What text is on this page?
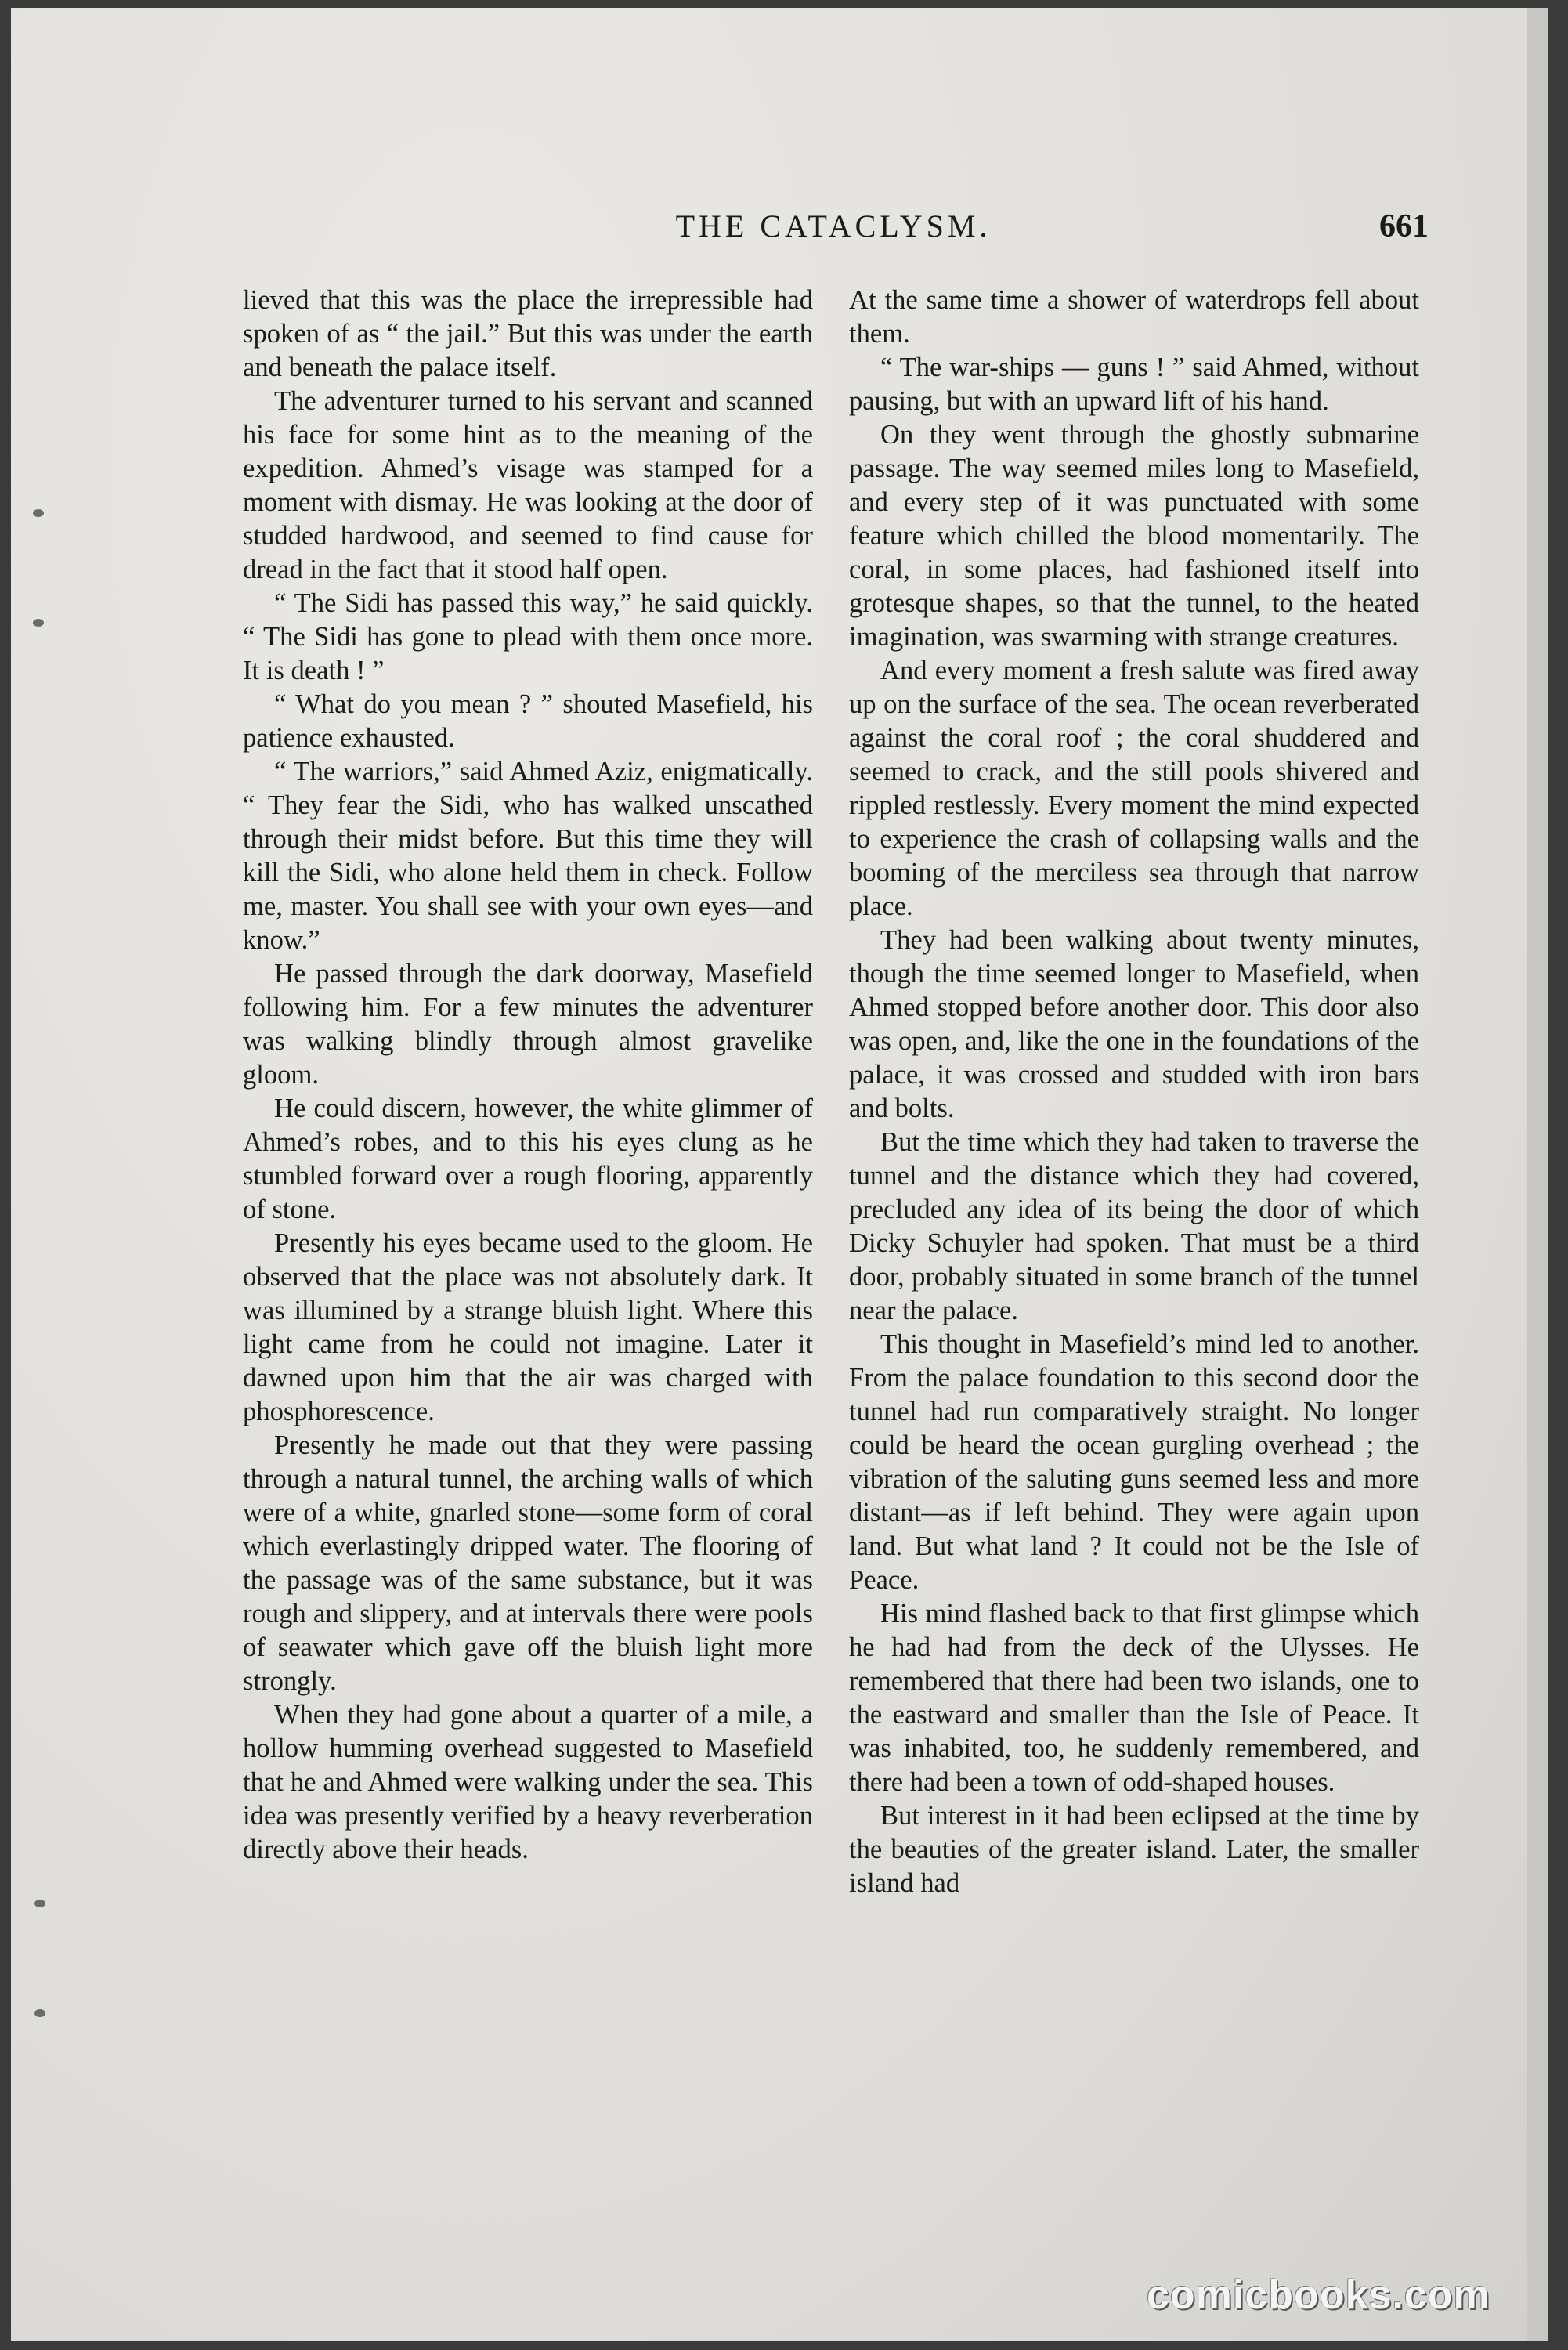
THE CATACLYSM.	661

lieved that this was the place the irrepressible had spoken of as “ the jail.” But this was under the earth and beneath the palace itself.

The adventurer turned to his servant and scanned his face for some hint as to the meaning of the expedition. Ahmed’s visage was stamped for a moment with dismay. He was looking at the door of studded hardwood, and seemed to find cause for dread in the fact that it stood half open.

“ The Sidi has passed this way,” he said quickly. “ The Sidi has gone to plead with them once more. It is death ! ”

“ What do you mean ? ” shouted Masefield, his patience exhausted.

“ The warriors,” said Ahmed Aziz, enigmatically. “ They fear the Sidi, who has walked unscathed through their midst before. But this time they will kill the Sidi, who alone held them in check. Follow me, master. You shall see with your own eyes—and know.”

He passed through the dark doorway, Masefield following him. For a few minutes the adventurer was walking blindly through almost gravelike gloom.

He could discern, however, the white glimmer of Ahmed’s robes, and to this his eyes clung as he stumbled forward over a rough flooring, apparently of stone.

Presently his eyes became used to the gloom. He observed that the place was not absolutely dark. It was illumined by a strange bluish light. Where this light came from he could not imagine. Later it dawned upon him that the air was charged with phosphorescence.

Presently he made out that they were passing through a natural tunnel, the arching walls of which were of a white, gnarled stone—some form of coral which everlastingly dripped water. The flooring of the passage was of the same substance, but it was rough and slippery, and at intervals there were pools of seawater which gave off the bluish light more strongly.

When they had gone about a quarter of a mile, a hollow humming overhead suggested to Masefield that he and Ahmed were walking under the sea. This idea was presently verified by a heavy reverberation directly above their heads.

At the same time a shower of waterdrops fell about them.

“ The war-ships — guns ! ” said Ahmed, without pausing, but with an upward lift of his hand.

On they went through the ghostly submarine passage. The way seemed miles long to Masefield, and every step of it was punctuated with some feature which chilled the blood momentarily. The coral, in some places, had fashioned itself into grotesque shapes, so that the tunnel, to the heated imagination, was swarming with strange creatures.

And every moment a fresh salute was fired away up on the surface of the sea. The ocean reverberated against the coral roof ; the coral shuddered and seemed to crack, and the still pools shivered and rippled restlessly. Every moment the mind expected to experience the crash of collapsing walls and the booming of the merciless sea through that narrow place.

They had been walking about twenty minutes, though the time seemed longer to Masefield, when Ahmed stopped before another door. This door also was open, and, like the one in the foundations of the palace, it was crossed and studded with iron bars and bolts.

But the time which they had taken to traverse the tunnel and the distance which they had covered, precluded any idea of its being the door of which Dicky Schuyler had spoken. That must be a third door, probably situated in some branch of the tunnel near the palace.

This thought in Masefield’s mind led to another. From the palace foundation to this second door the tunnel had run comparatively straight. No longer could be heard the ocean gurgling overhead ; the vibration of the saluting guns seemed less and more distant—as if left behind. They were again upon land. But what land ? It could not be the Isle of Peace.

His mind flashed back to that first glimpse which he had had from the deck of the Ulysses. He remembered that there had been two islands, one to the eastward and smaller than the Isle of Peace. It was inhabited, too, he suddenly remembered, and there had been a town of odd-shaped houses.

But interest in it had been eclipsed at the time by the beauties of the greater island. Later, the smaller island had

comicbooks.com
